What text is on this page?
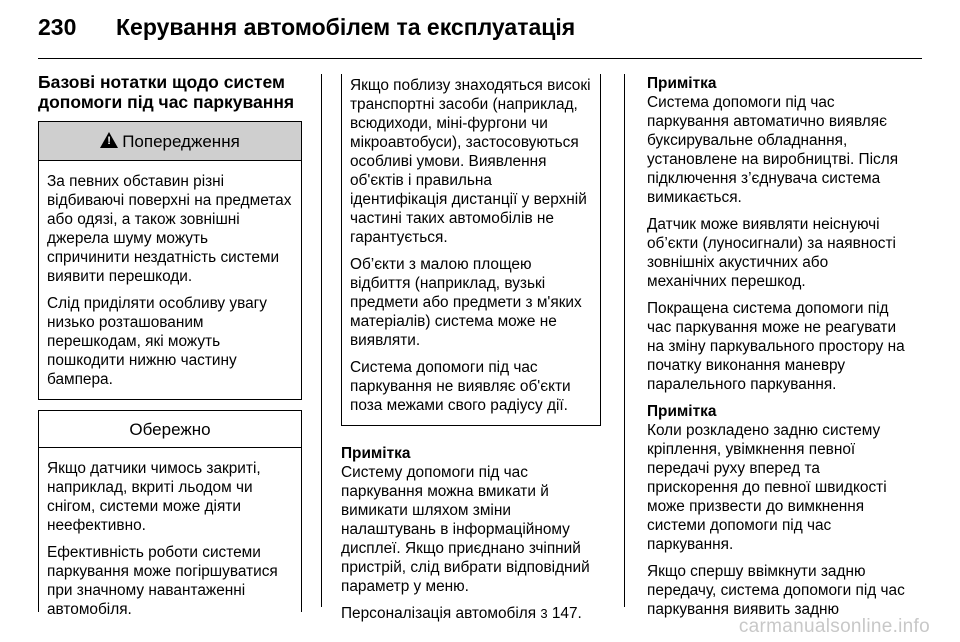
230	Керування автомобілем та експлуатація
Базові нотатки щодо систем
допомоги під час паркування
! Попередження

За певних обставин різні відбиваючі поверхні на предметах або одязі, а також зовнішні джерела шуму можуть спричинити нездатність системи виявити перешкоди.

Слід приділяти особливу увагу низько розташованим перешкодам, які можуть пошкодити нижню частину бампера.

Обережно

Якщо датчики чимось закриті, наприклад, вкриті льодом чи снігом, системи може діяти неефективно.

Ефективність роботи системи паркування може погіршуватися при значному навантаженні автомобіля.

Якщо поблизу знаходяться високі транспортні засоби (наприклад, всюдиходи, міні-фургони чи мікроавтобуси), застосовуються особливі умови. Виявлення об'єктів і правильна ідентифікація дистанції у верхній частині таких автомобілів не гарантується.

Об’єкти з малою площею відбиття (наприклад, вузькі предмети або предмети з м'яких матеріалів) система може не виявляти.

Система допомоги під час паркування не виявляє об'єкти поза межами свого радіусу дії.

Примітка

Систему допомоги під час паркування можна вмикати й вимикати шляхом зміни налаштувань в інформаційному дисплеї. Якщо приєднано зчіпний пристрій, слід вибрати відповідний параметр у меню.

Персоналізація автомобіля 3 147.

Примітка

Система допомоги під час паркування автоматично виявляє буксирувальне обладнання, установлене на виробництві. Після підключення з’єднувача система вимикається.

Датчик може виявляти неіснуючі об’єкти (луносигнали) за наявності зовнішніх акустичних або механічних перешкод.

Покращена система допомоги під час паркування може не реагувати на зміну паркувального простору на початку виконання маневру паралельного паркування.

Примітка

Коли розкладено задню систему кріплення, увімкнення певної передачі руху вперед та прискорення до певної швидкості може призвести до вимкнення системи допомоги під час паркування.

Якщо спершу ввімкнути задню передачу, система допомоги під час паркування виявить задню

carmanualsonline.info
